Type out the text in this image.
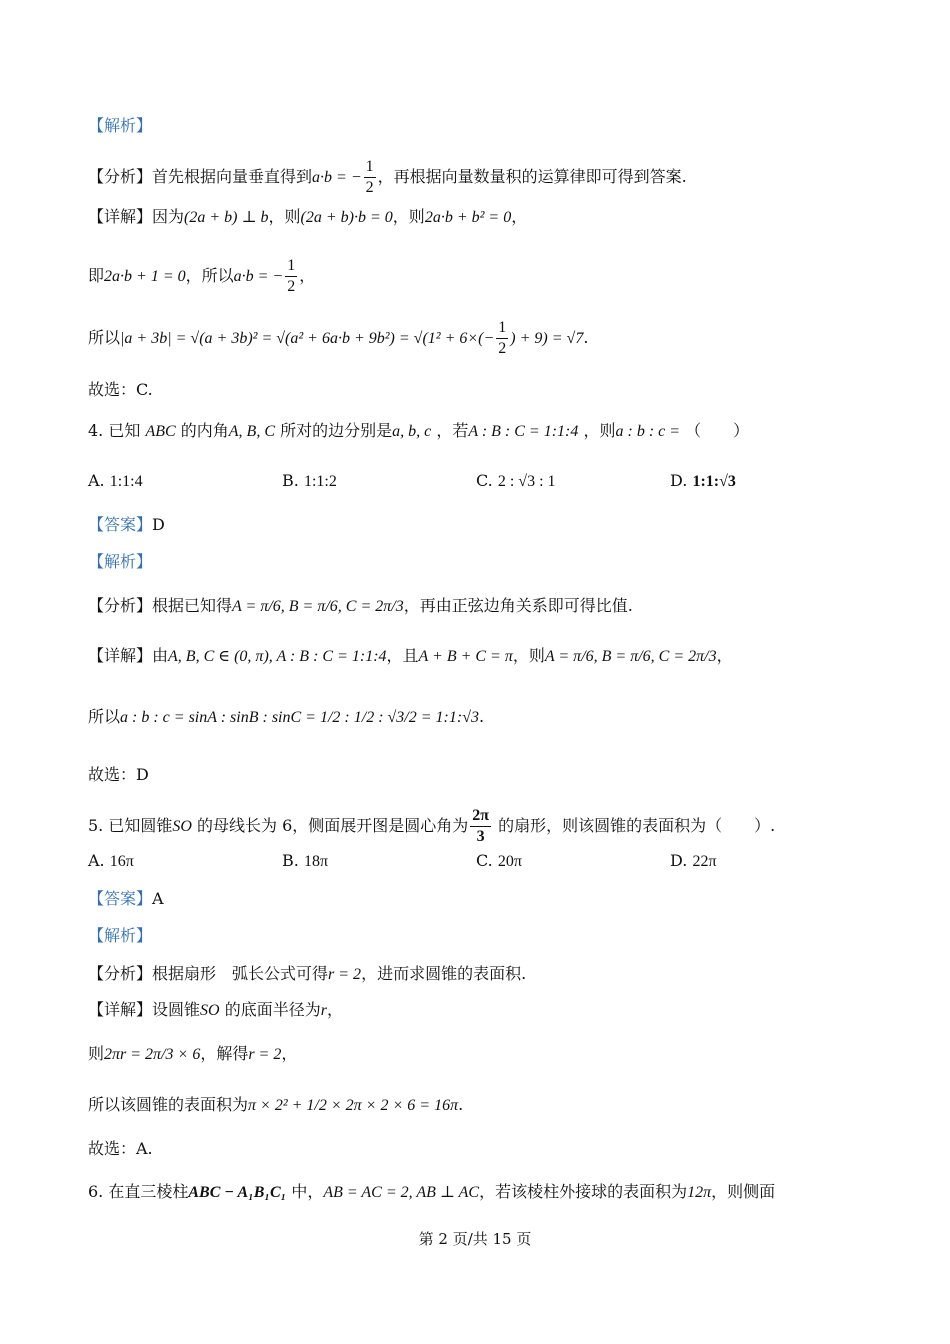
【解析】
【分析】首先根据向量垂直得到a·b = − $\frac{1}{2}$ ，再根据向量数量积的运算律即可得到答案.
【详解】因为(2a + b) ⊥ b，则(2a + b)·b = 0，则2a·b + b² = 0，
即2a·b + 1 = 0，所以a·b = − $\frac{1}{2}$ ，
所以$|a + 3b| = √(a + 3b)^2 = √(a^2 + 6a\cdot b + 9b^2) = √(1^2 + 6\times(- \frac{1}{2}$ ) + 9) = √7.
故选：C.
4. 已知 ABC 的内角A, B, C 所对的边分别是a, b, c ，若A : B : C = 1:1:4 ，则a : b : c = （　　）
A. 1:1:4	B. 1:1:2	C. 2 : √3 : 1	D. 1:1:√3
【答案】D
【解析】
【分析】根据已知得A = π/6, B = π/6, C = 2π/3，再由正弦边角关系即可得比值.
【详解】由A, B, C ∈ (0, π), A : B : C = 1:1:4，且A + B + C = π，则A = π/6, B = π/6, C = 2π/3，
所以a : b : c = sinA : sinB : sinC = 1/2 : 1/2 : √3/2 = 1:1:√3.
故选：D
5. 已知圆锥SO 的母线长为 6，侧面展开图是圆心角为 $\frac{2\pi}{3}$ 的扇形，则该圆锥的表面积为（　　）.
A. 16π	B. 18π	C. 20π	D. 22π
【答案】A
【解析】
【分析】根据扇形　弧长公式可得r = 2，进而求圆锥的表面积.
【详解】设圆锥SO 的底面半径为r，
则2πr = 2π/3 × 6，解得r = 2，
所以该圆锥的表面积为π × 2² + 1/2 × 2π × 2 × 6 = 16π.
故选：A.
6. 在直三棱柱ABC − A₁B₁C₁ 中，AB = AC = 2, AB ⊥ AC，若该棱柱外接球的表面积为12π，则侧面
第 2 页/共 15 页
